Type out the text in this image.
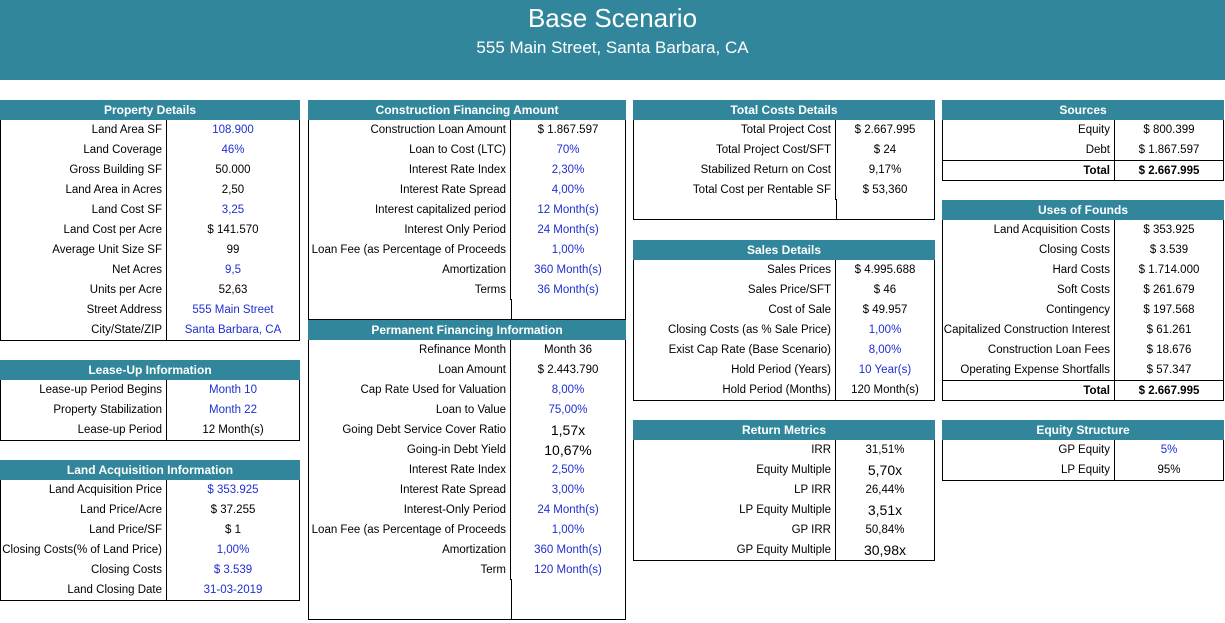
Base Scenario
555 Main Street, Santa Barbara, CA
Property Details
Land Area SF	108.900
Land Coverage	46%
Gross Building SF	50.000
Land Area in Acres	2,50
Land Cost SF	3,25
Land Cost per Acre	$ 141.570
Average Unit Size SF	99
Net Acres	9,5
Units per Acre	52,63
Street Address	555 Main Street
City/State/ZIP	Santa Barbara, CA
Lease-Up Information
Lease-up Period Begins	Month 10
Property Stabilization	Month 22
Lease-up Period	12 Month(s)
Land Acquisition Information
Land Acquisition Price	$ 353.925
Land Price/Acre	$ 37.255
Land Price/SF	$ 1
Closing Costs(% of Land Price)	1,00%
Closing Costs	$ 3.539
Land Closing Date	31-03-2019
Construction Financing Amount
Construction Loan Amount	$ 1.867.597
Loan to Cost (LTC)	70%
Interest Rate Index	2,30%
Interest Rate Spread	4,00%
Interest capitalized period	12 Month(s)
Interest Only Period	24 Month(s)
Loan Fee (as Percentage of Proceeds	1,00%
Amortization	360 Month(s)
Terms	36 Month(s)
Permanent Financing Information
Refinance Month	Month 36
Loan Amount	$ 2.443.790
Cap Rate Used for Valuation	8,00%
Loan to Value	75,00%
Going Debt Service Cover Ratio	1,57x
Going-in Debt Yield	10,67%
Interest Rate Index	2,50%
Interest Rate Spread	3,00%
Interest-Only Period	24 Month(s)
Loan Fee (as Percentage of Proceeds	1,00%
Amortization	360 Month(s)
Term	120 Month(s)
Total Costs Details
Total Project Cost	$ 2.667.995
Total Project Cost/SFT	$ 24
Stabilized Return on Cost	9,17%
Total Cost per Rentable SF	$ 53,360
Sales Details
Sales Prices	$ 4.995.688
Sales Price/SFT	$ 46
Cost of Sale	$ 49.957
Closing Costs (as % Sale Price)	1,00%
Exist Cap Rate (Base Scenario)	8,00%
Hold Period (Years)	10 Year(s)
Hold Period (Months)	120 Month(s)
Return Metrics
IRR	31,51%
Equity Multiple	5,70x
LP IRR	26,44%
LP Equity Multiple	3,51x
GP IRR	50,84%
GP Equity Multiple	30,98x
Sources
Equity	$ 800.399
Debt	$ 1.867.597
Total	$ 2.667.995
Uses of Founds
Land Acquisition Costs	$ 353.925
Closing Costs	$ 3.539
Hard Costs	$ 1.714.000
Soft Costs	$ 261.679
Contingency	$ 197.568
Capitalized Construction Interest	$ 61.261
Construction Loan Fees	$ 18.676
Operating Expense Shortfalls	$ 57.347
Total	$ 2.667.995
Equity Structure
GP Equity	5%
LP Equity	95%
